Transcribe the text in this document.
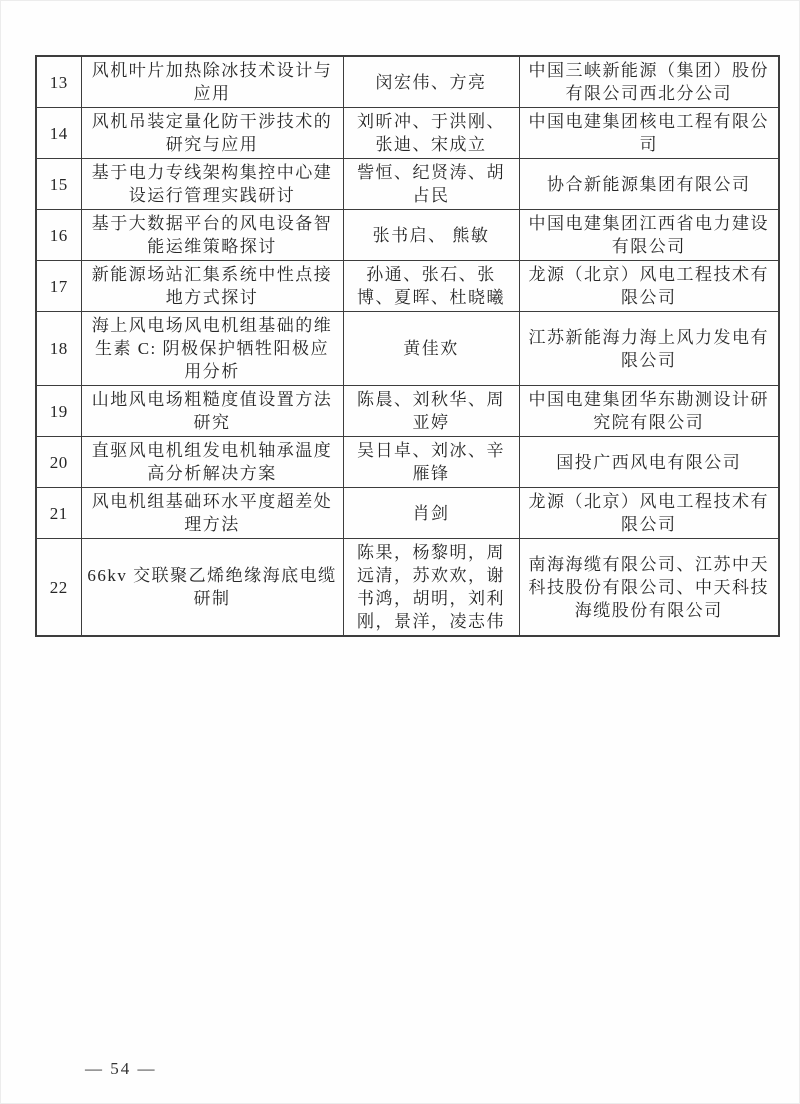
13	风机叶片加热除冰技术设计与应用	闵宏伟、方亮	中国三峡新能源（集团）股份有限公司西北分公司
14	风机吊装定量化防干涉技术的研究与应用	刘昕冲、于洪刚、张迪、宋成立	中国电建集团核电工程有限公司
15	基于电力专线架构集控中心建设运行管理实践研讨	訾恒、纪贤涛、胡占民	协合新能源集团有限公司
16	基于大数据平台的风电设备智能运维策略探讨	张书启、 熊敏	中国电建集团江西省电力建设有限公司
17	新能源场站汇集系统中性点接地方式探讨	孙通、张石、张博、夏晖、杜晓曦	龙源（北京）风电工程技术有限公司
18	海上风电场风电机组基础的维生素 C: 阴极保护牺牲阳极应用分析	黄佳欢	江苏新能海力海上风力发电有限公司
19	山地风电场粗糙度值设置方法研究	陈晨、刘秋华、周亚婷	中国电建集团华东勘测设计研究院有限公司
20	直驱风电机组发电机轴承温度高分析解决方案	吴日卓、刘冰、辛雁锋	国投广西风电有限公司
21	风电机组基础环水平度超差处理方法	肖剑	龙源（北京）风电工程技术有限公司
22	66kv 交联聚乙烯绝缘海底电缆研制	陈果，杨黎明，周远清，苏欢欢，谢书鸿，胡明，刘利刚，景洋，凌志伟	南海海缆有限公司、江苏中天科技股份有限公司、中天科技海缆股份有限公司
— 54 —
